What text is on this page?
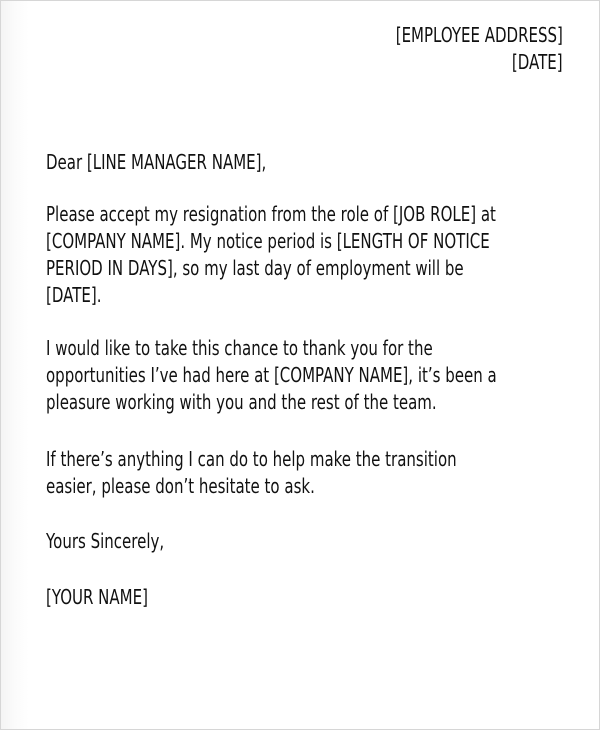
[EMPLOYEE ADDRESS]
[DATE]
Dear [LINE MANAGER NAME],
Please accept my resignation from the role of [JOB ROLE] at
[COMPANY NAME]. My notice period is [LENGTH OF NOTICE
PERIOD IN DAYS], so my last day of employment will be
[DATE].
I would like to take this chance to thank you for the
opportunities I’ve had here at [COMPANY NAME], it’s been a
pleasure working with you and the rest of the team.
If there’s anything I can do to help make the transition
easier, please don’t hesitate to ask.
Yours Sincerely,
[YOUR NAME]
